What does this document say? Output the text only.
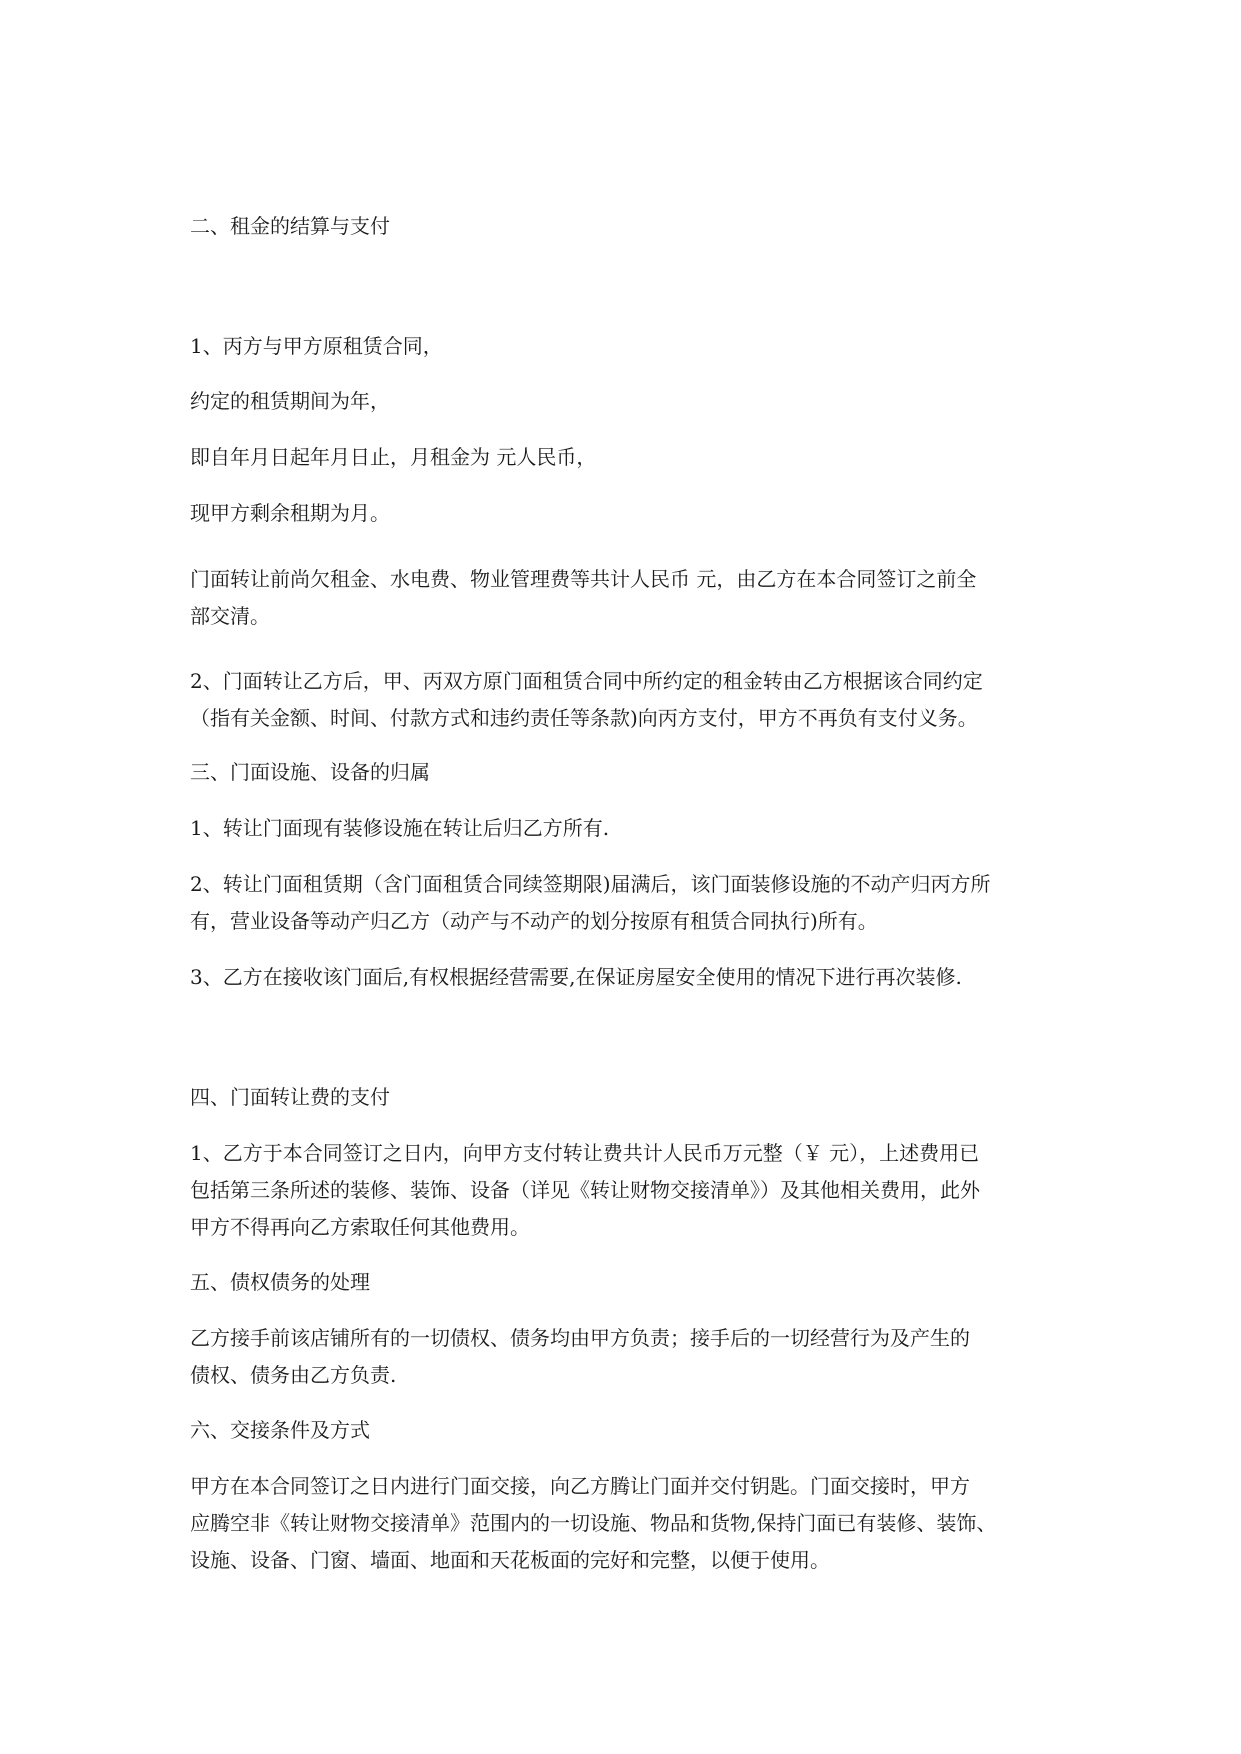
二、租金的结算与支付
1、丙方与甲方原租赁合同，
约定的租赁期间为年，
即自年月日起年月日止，月租金为 元人民币，
现甲方剩余租期为月。
门面转让前尚欠租金、水电费、物业管理费等共计人民币 元，由乙方在本合同签订之前全
部交清。
2、门面转让乙方后，甲、丙双方原门面租赁合同中所约定的租金转由乙方根据该合同约定
（指有关金额、时间、付款方式和违约责任等条款)向丙方支付，甲方不再负有支付义务。
三、门面设施、设备的归属
1、转让门面现有装修设施在转让后归乙方所有.
2、转让门面租赁期（含门面租赁合同续签期限)届满后，该门面装修设施的不动产归丙方所
有，营业设备等动产归乙方（动产与不动产的划分按原有租赁合同执行)所有。
3、乙方在接收该门面后,有权根据经营需要,在保证房屋安全使用的情况下进行再次装修.
四、门面转让费的支付
1、乙方于本合同签订之日内，向甲方支付转让费共计人民币万元整（￥ 元），上述费用已
包括第三条所述的装修、装饰、设备（详见《转让财物交接清单》）及其他相关费用，此外
甲方不得再向乙方索取任何其他费用。
五、债权债务的处理
乙方接手前该店铺所有的一切债权、债务均由甲方负责；接手后的一切经营行为及产生的
债权、债务由乙方负责.
六、交接条件及方式
甲方在本合同签订之日内进行门面交接，向乙方腾让门面并交付钥匙。门面交接时，甲方
应腾空非《转让财物交接清单》范围内的一切设施、物品和货物,保持门面已有装修、装饰、
设施、设备、门窗、墙面、地面和天花板面的完好和完整，以便于使用。
